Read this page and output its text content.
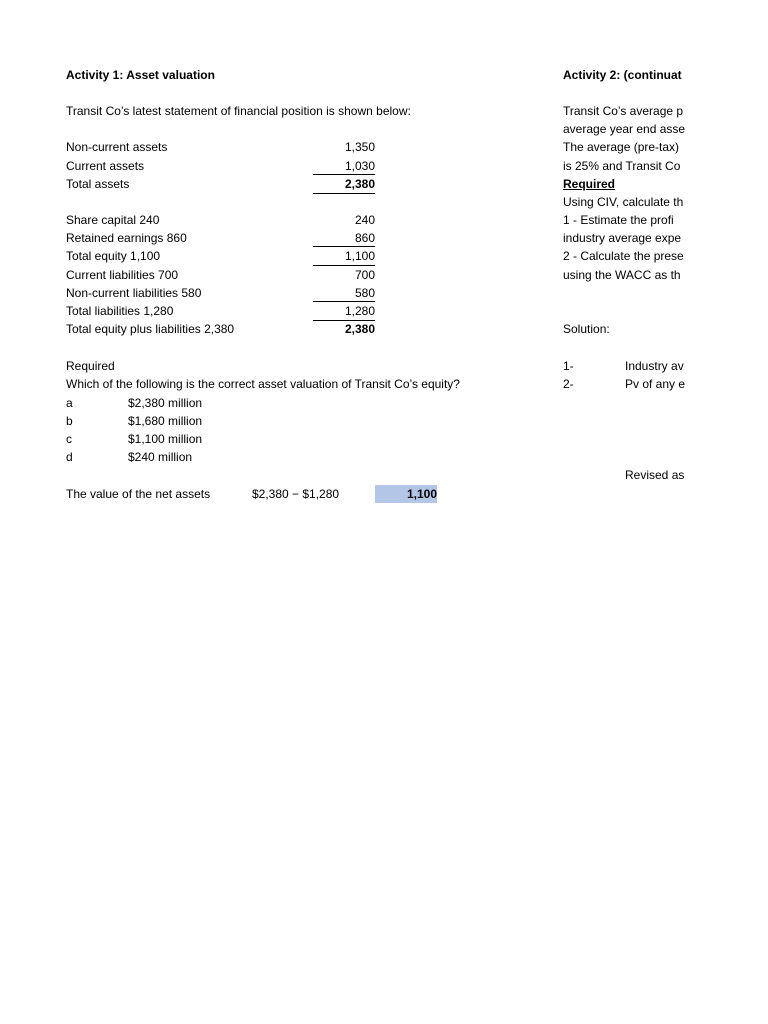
Activity 1: Asset valuation
Transit Co’s latest statement of financial position is shown below:
Non-current assets	1,350
Current assets	1,030
Total assets	2,380
Share capital 240	240
Retained earnings 860	860
Total equity 1,100	1,100
Current liabilities 700	700
Non-current liabilities 580	580
Total liabilities 1,280	1,280
Total equity plus liabilities 2,380	2,380
Required
Which of the following is the correct asset valuation of Transit Co’s equity?
a	$2,380 million
b	$1,680 million
c	$1,100 million
d	$240 million
The value of the net assets	$2,380 − $1,280	1,100
Activity 2: (continuat
Transit Co’s average p
average year end asse
The average (pre-tax)
is 25% and Transit Co
Required
Using CIV, calculate th
1 - Estimate the profi
industry average expe
2 - Calculate the prese
using the WACC as th
Solution:
1-	Industry av
2-	Pv of any e
Revised as
